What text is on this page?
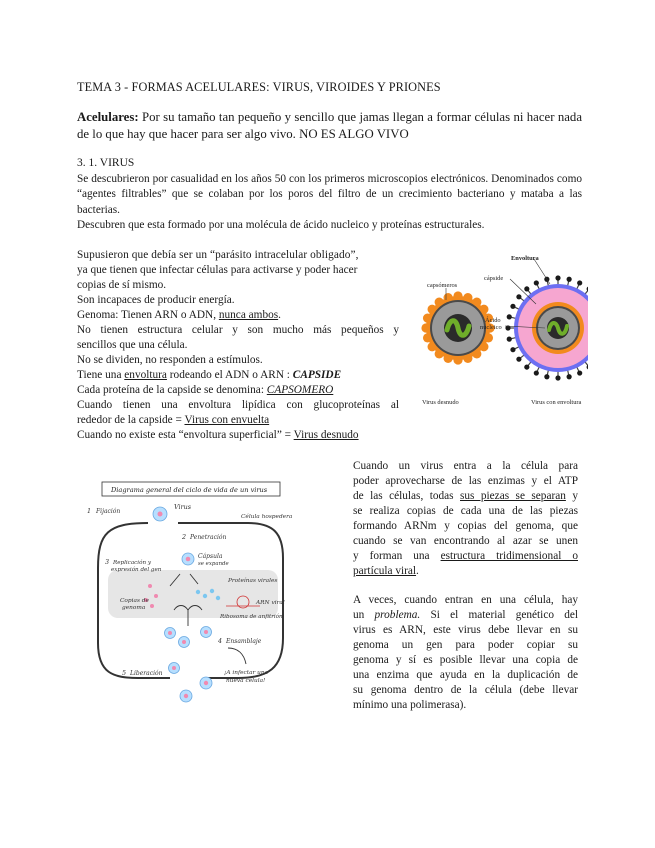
TEMA 3 - FORMAS ACELULARES: VIRUS, VIROIDES Y PRIONES
Acelulares: Por su tamaño tan pequeño y sencillo que jamas llegan a formar células ni hacer nada de lo que hay que hacer para ser algo vivo. NO ES ALGO VIVO
3. 1. VIRUS
Se descubrieron por casualidad en los años 50 con los primeros microscopios electrónicos. Denominados como “agentes filtrables” que se colaban por los poros del filtro de un crecimiento bacteriano y mataba a las bacterias.
Descubren que esta formado por una molécula de ácido nucleico y proteínas estructurales.
Supusieron que debía ser un “parásito intracelular obligado”,
ya que tienen que infectar células para activarse y poder hacer
copias de sí mismo.
Son incapaces de producir energía.
Genoma: Tienen ARN o ADN, nunca ambos.
No tienen estructura celular y son mucho más pequeños y
sencillos que una célula.
No se dividen, no responden a estímulos.
Tiene una envoltura rodeando el ADN o ARN : CAPSIDE
Cada proteína de la capside se denomina: CAPSOMERO
Cuando tienen una envoltura lipídica con glucoproteínas al
rededor de la capside = Virus con envuelta
Cuando no existe esta “envoltura superficial” = Virus desnudo
Envoltura
cápside
capsómeros
Ácido
nucleico
Virus desnudo	Virus con envoltura
Diagrama general del ciclo de vida de un virus
1 Fijación
Virus
Célula hospedera
2 Penetración
Cápsula
se expande
3 Replicación y
expresión del gen
Proteínas virales
Copias de
genoma
ARN viral
Ribosoma de anfitrión
4 Ensamblaje
5 Liberación	¡A infectar una
nueva célula!
Cuando un virus entra a la célula para
poder aprovecharse de las enzimas y el ATP
de las células, todas sus piezas se separan y
se realiza copias de cada una de las piezas
formando ARNm y copias del genoma, que
cuando se van encontrando al azar se unen
y forman una estructura tridimensional o
partícula viral.
A veces, cuando entran en una célula, hay
un problema. Si el material genético del
virus es ARN, este virus debe llevar en su
genoma un gen para poder copiar su
genoma y sí es posible llevar una copia de
una enzima que ayuda en la duplicación de
su genoma dentro de la célula (debe llevar
mínimo una polimerasa).
